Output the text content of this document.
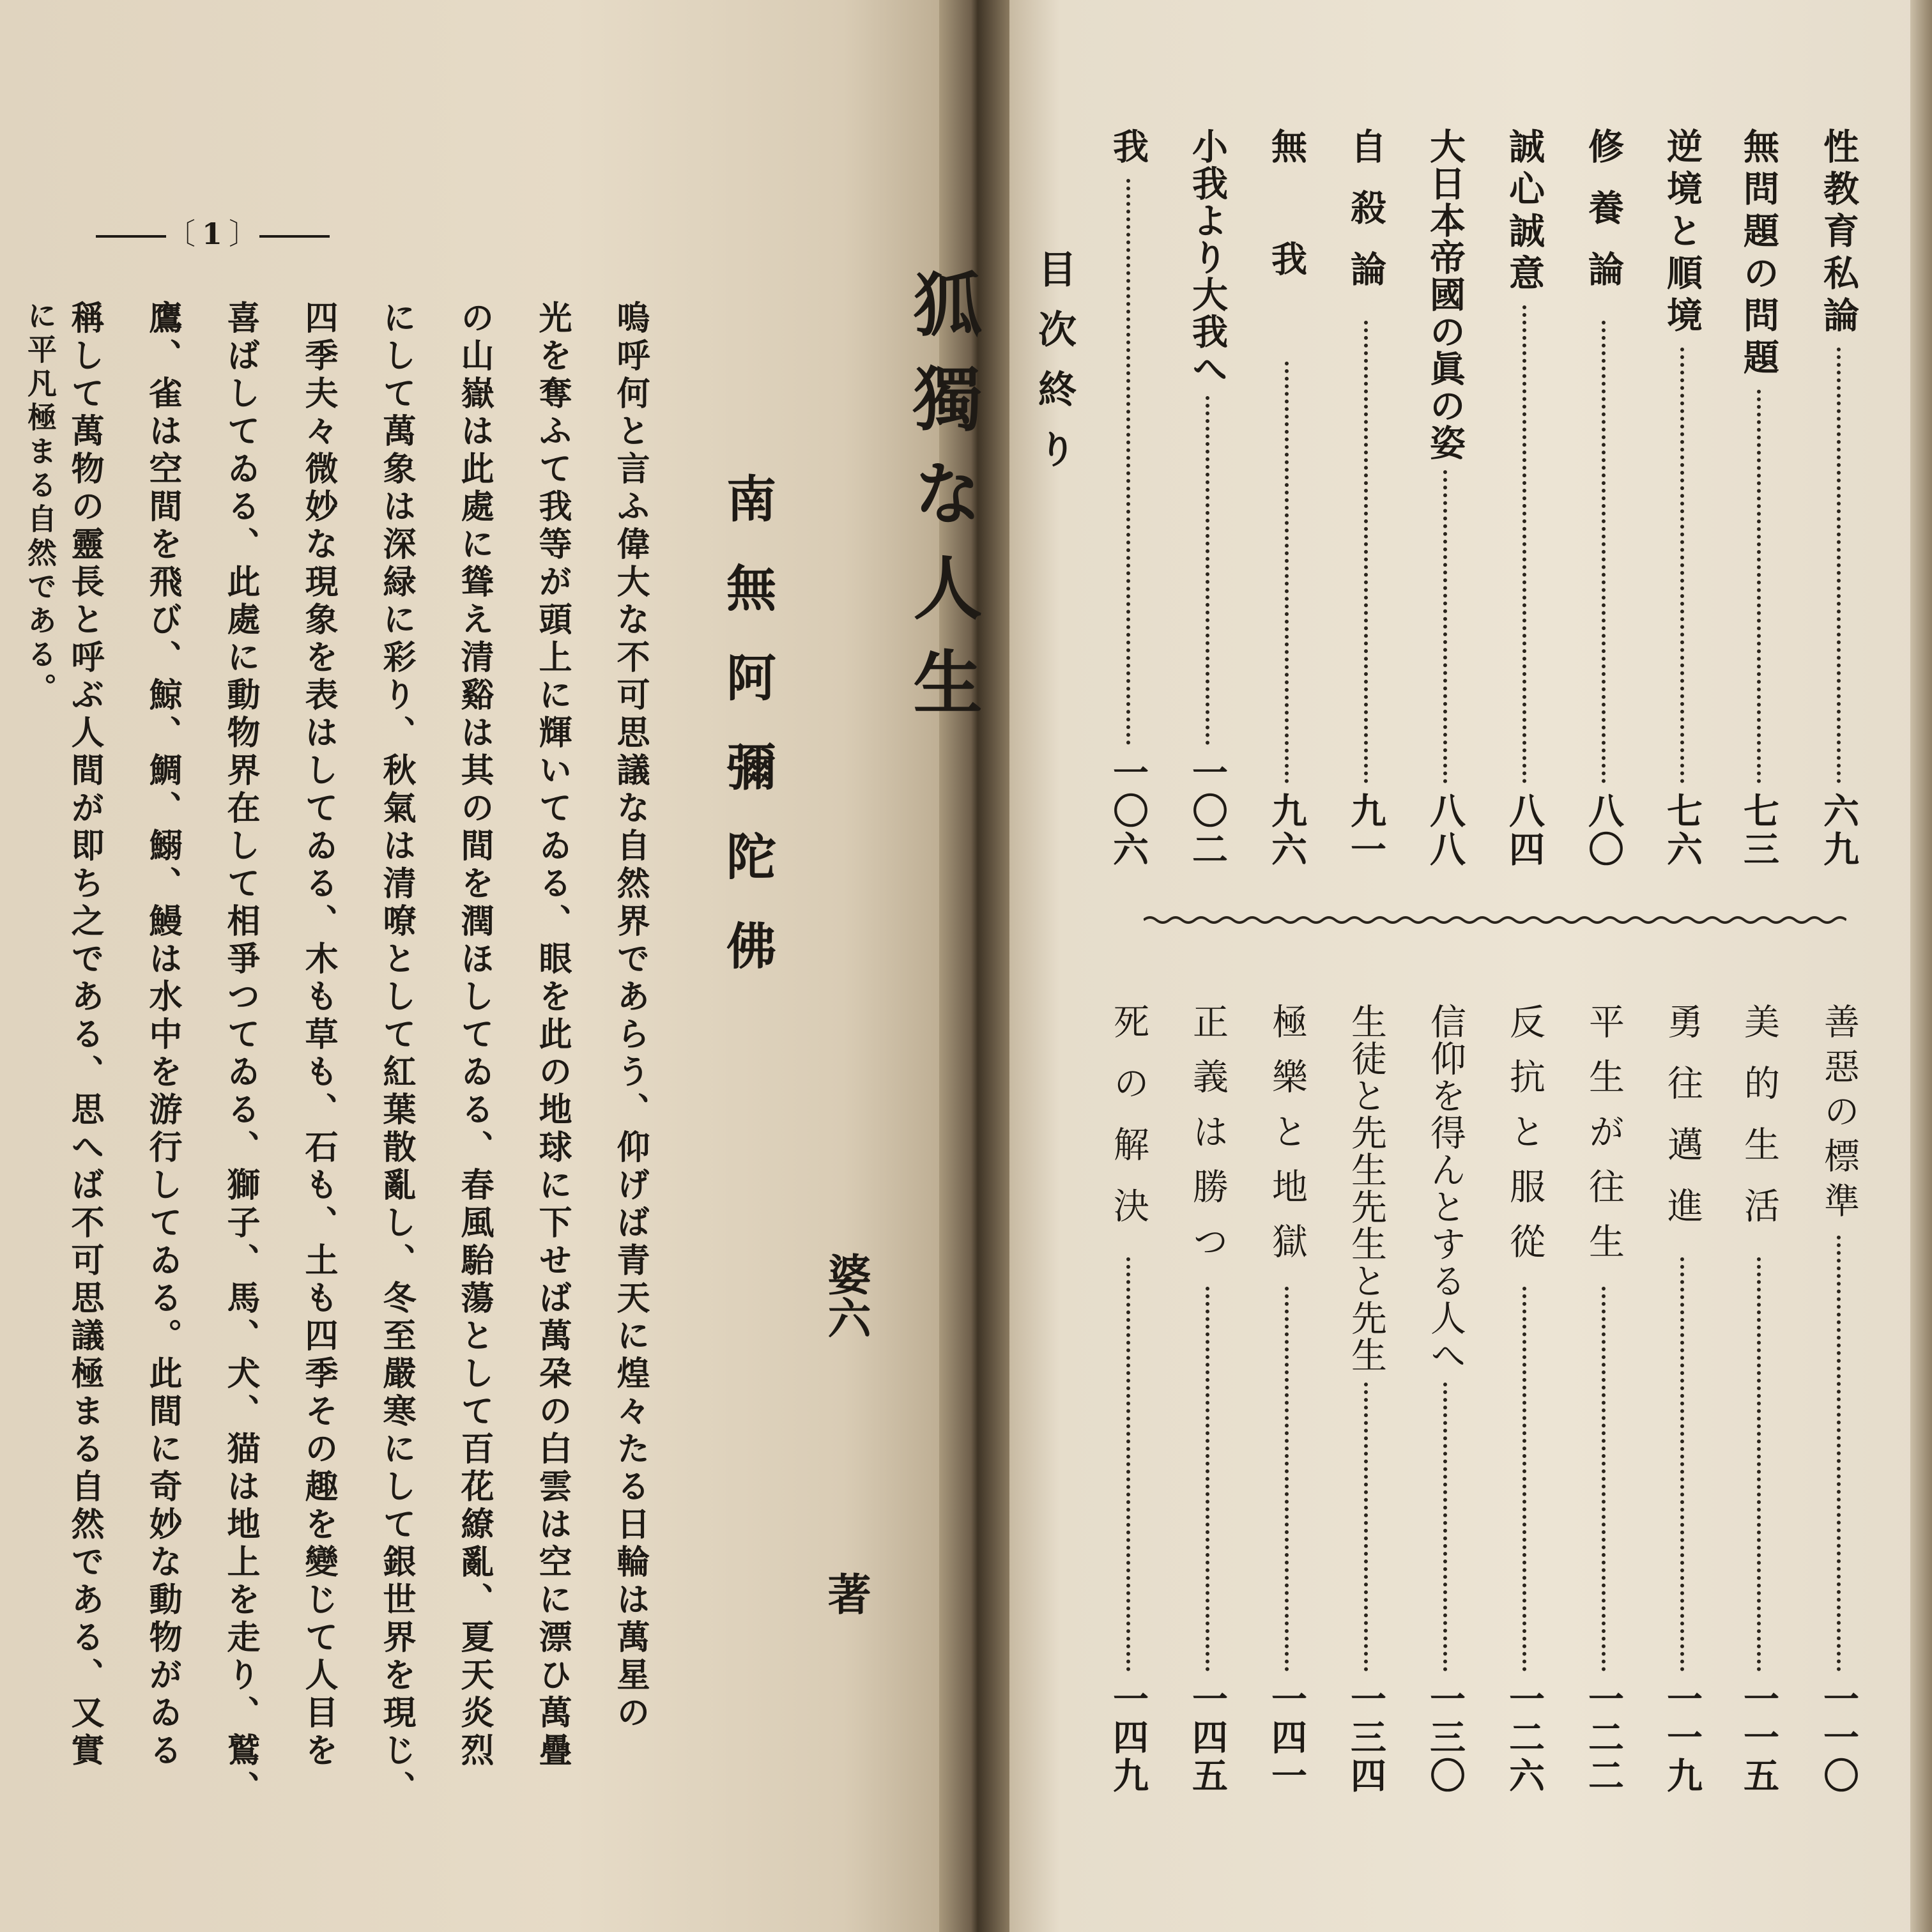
〔 1 〕
南無阿彌陀佛
婆六
著
嗚呼何と言ふ偉大な不可思議な自然界であらう、仰げば青天に煌々たる日輪は萬星の
光を奪ふて我等が頭上に輝いてゐる、眼を此の地球に下せば萬朶の白雲は空に漂ひ萬疊
の山嶽は此處に聳え清谿は其の間を潤ほしてゐる、春風駘蕩として百花繚亂、夏天炎烈
にして萬象は深緑に彩り、秋氣は清嘹として紅葉散亂し、冬至嚴寒にして銀世界を現じ、
四季夫々微妙な現象を表はしてゐる、木も草も、石も、土も四季その趣を變じて人目を
喜ばしてゐる、此處に動物界在して相爭つてゐる、獅子、馬、犬、猫は地上を走り、鷲、
鷹、雀は空間を飛び、鯨、鯛、鰯、鰻は水中を游行してゐる。此間に奇妙な動物がゐる
稱して萬物の靈長と呼ぶ人間が即ち之である、思へば不可思議極まる自然である、又實
に平凡極まる自然である。
性教育私論
六九
無問題の問題
七三
逆境と順境
七六
修養論
八〇
誠心誠意
八四
大日本帝國の眞の姿
八八
自殺論
九一
無我
九六
小我より大我へ
一〇二
我
一〇六
目次終り
善惡の標準
一一〇
美的生活
一一五
勇往邁進
一一九
平生が往生
一二二
反抗と服從
一二六
信仰を得んとする人へ
一三〇
生徒と先生先生と先生
一三四
極樂と地獄
一四一
正義は勝つ
一四五
死の解決
一四九
狐獨な人生
